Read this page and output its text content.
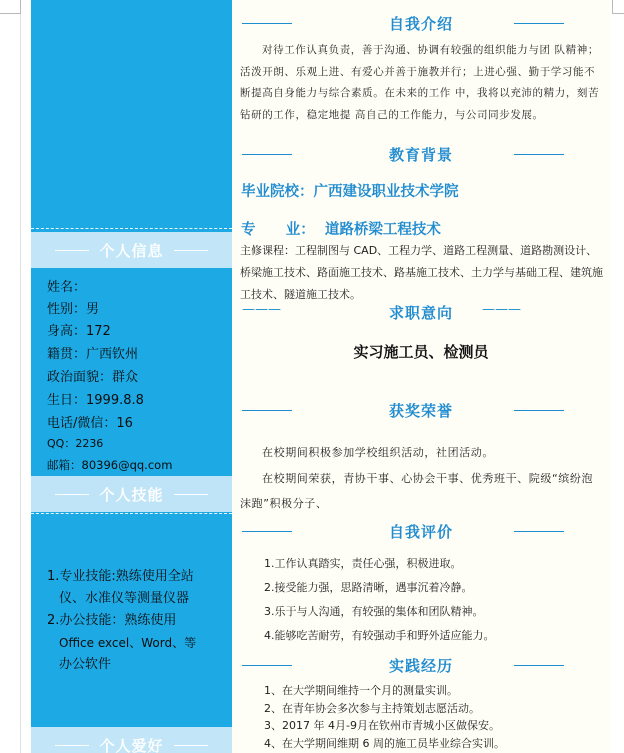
个人信息
姓名：
性别：男
身高：172
籍贯：广西钦州
政治面貌：群众
生日：1999.8.8
电话/微信：16
QQ：2236
邮箱：80396@qq.com
个人技能
1.专业技能:熟练使用全站
仪、水准仪等测量仪器
2.办公技能：熟练使用
Office excel、Word、等
办公软件
个人爱好
自我介绍
对待工作认真负责，善于沟通、协调有较强的组织能力与团 队精神；活泼开朗、乐观上进、有爱心并善于施教并行；上进心强、勤于学习能不断提高自身能力与综合素质。在未来的工作 中，我将以充沛的精力，刻苦钻研的工作，稳定地提 高自己的工作能力，与公司同步发展。
教育背景
毕业院校：广西建设职业技术学院
专      业：  道路桥梁工程技术
主修课程：工程制图与 CAD、工程力学、道路工程测量、道路勘测设计、桥梁施工技术、路面施工技术、路基施工技术、土力学与基础工程、建筑施工技术、隧道施工技术。
———	求职意向	———
实习施工员、检测员
获奖荣誉
在校期间积极参加学校组织活动，社团活动。
在校期间荣获，青协干事、心协会干事、优秀班干、院级“缤纷泡沫跑”积极分子、
自我评价
1.工作认真踏实，责任心强，积极进取。
2.接受能力强，思路清晰，遇事沉着冷静。
3.乐于与人沟通，有较强的集体和团队精神。
4.能够吃苦耐劳，有较强动手和野外适应能力。
实践经历
1、在大学期间维持一个月的测量实训。
2、在青年协会多次参与主持策划志愿活动。
3、2017 年 4月-9月在钦州市青城小区做保安。
4、在大学期间维期 6 周的施工员毕业综合实训。
